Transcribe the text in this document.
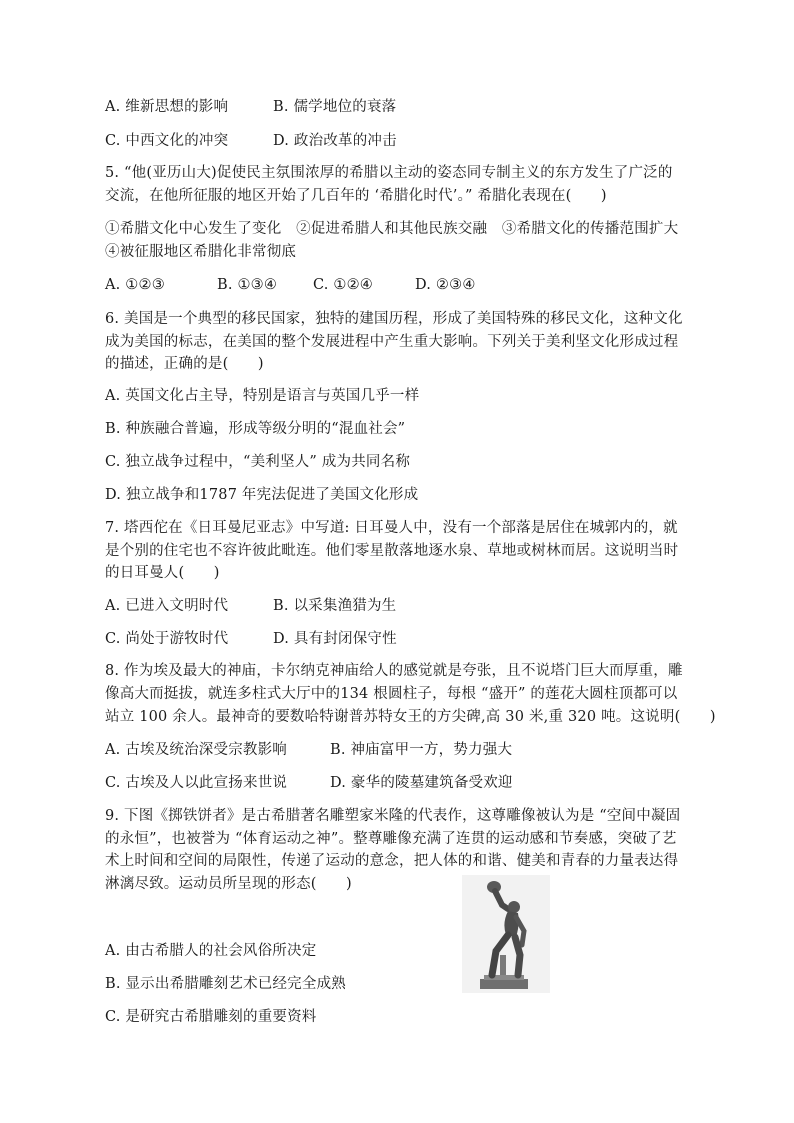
A. 维新思想的影响	B. 儒学地位的衰落
C. 中西文化的冲突	D. 政治改革的冲击
5. “他(亚历山大)促使民主氛围浓厚的希腊以主动的姿态同专制主义的东方发生了广泛的
交流，在他所征服的地区开始了几百年的 ‘希腊化时代’。” 希腊化表现在(　　)
①希腊文化中心发生了变化　②促进希腊人和其他民族交融　③希腊文化的传播范围扩大
④被征服地区希腊化非常彻底
A. ①②③	B. ①③④	C. ①②④	D. ②③④
6. 美国是一个典型的移民国家，独特的建国历程，形成了美国特殊的移民文化，这种文化
成为美国的标志，在美国的整个发展进程中产生重大影响。下列关于美利坚文化形成过程
的描述，正确的是(　　)
A. 英国文化占主导，特别是语言与英国几乎一样
B. 种族融合普遍，形成等级分明的“混血社会”
C. 独立战争过程中，“美利坚人” 成为共同名称
D. 独立战争和1787 年宪法促进了美国文化形成
7. 塔西佗在《日耳曼尼亚志》中写道: 日耳曼人中，没有一个部落是居住在城郭内的，就
是个别的住宅也不容许彼此毗连。他们零星散落地逐水泉、草地或树林而居。这说明当时
的日耳曼人(　　)
A. 已进入文明时代	B. 以采集渔猎为生
C. 尚处于游牧时代	D. 具有封闭保守性
8. 作为埃及最大的神庙，卡尔纳克神庙给人的感觉就是夸张，且不说塔门巨大而厚重，雕
像高大而挺拔，就连多柱式大厅中的134 根圆柱子，每根 “盛开” 的莲花大圆柱顶都可以
站立 100 余人。最神奇的要数哈特谢普苏特女王的方尖碑,高 30 米,重 320 吨。这说明(　　)
A. 古埃及统治深受宗教影响	B. 神庙富甲一方，势力强大
C. 古埃及人以此宣扬来世说	D. 豪华的陵墓建筑备受欢迎
9. 下图《掷铁饼者》是古希腊著名雕塑家米隆的代表作，这尊雕像被认为是 “空间中凝固
的永恒”，也被誉为 “体育运动之神”。整尊雕像充满了连贯的运动感和节奏感，突破了艺
术上时间和空间的局限性，传递了运动的意念，把人体的和谐、健美和青春的力量表达得
淋漓尽致。运动员所呈现的形态(　　)
A. 由古希腊人的社会风俗所决定
B. 显示出希腊雕刻艺术已经完全成熟
C. 是研究古希腊雕刻的重要资料
